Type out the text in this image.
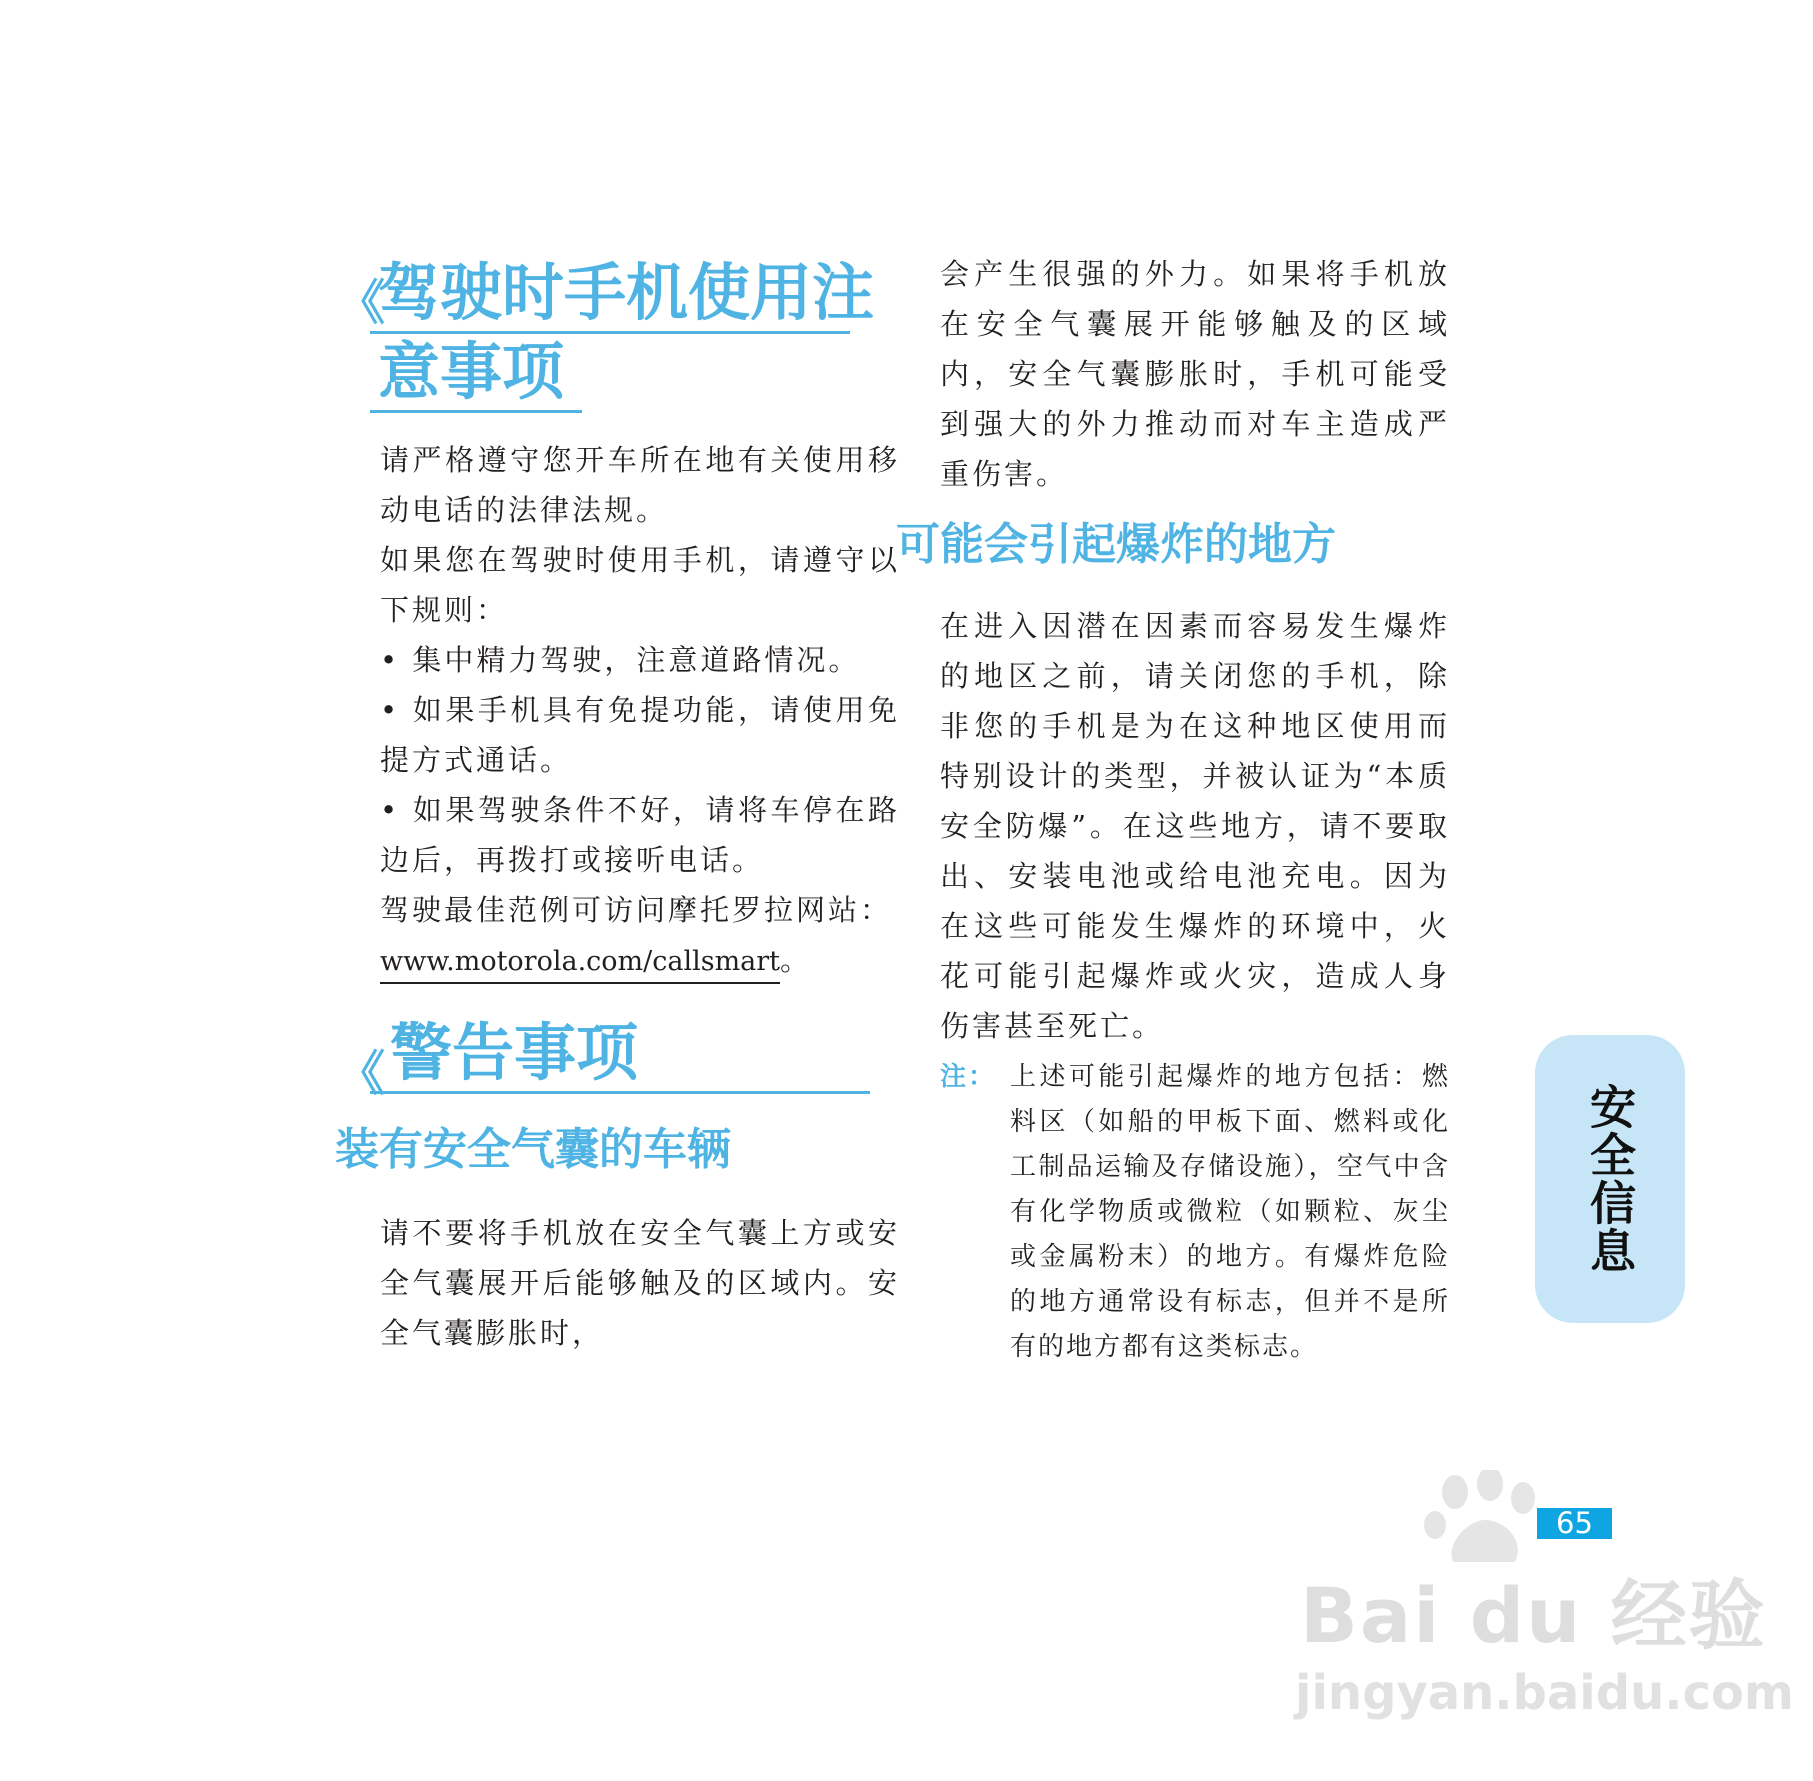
驾驶时手机使用注
《
意事项

请严格遵守您开车所在地有关使用移动电话的法律法规。

如果您在驾驶时使用手机，请遵守以下规则：

• 集中精力驾驶，注意道路情况。

• 如果手机具有免提功能，请使用免提方式通话。

• 如果驾驶条件不好，请将车停在路边后，再拨打或接听电话。

驾驶最佳范例可访问摩托罗拉网站：

www.motorola.com/callsmart。

警告事项
《
装有安全气囊的车辆

请不要将手机放在安全气囊上方或安全气囊展开后能够触及的区域内。安全气囊膨胀时，

会产生很强的外力。如果将手机放在安全气囊展开能够触及的区域内，安全气囊膨胀时，手机可能受到强大的外力推动而对车主造成严重伤害。

可能会引起爆炸的地方

在进入因潜在因素而容易发生爆炸的地区之前，请关闭您的手机，除非您的手机是为在这种地区使用而特别设计的类型，并被认证为“本质安全防爆”。在这些地方，请不要取出、安装电池或给电池充电。因为在这些可能发生爆炸的环境中，火花可能引起爆炸或火灾，造成人身伤害甚至死亡。

注： 上述可能引起爆炸的地方包括：燃料区（如船的甲板下面、燃料或化工制品运输及存储设施），空气中含有化学物质或微粒（如颗粒、灰尘或金属粉末）的地方。有爆炸危险的地方通常设有标志，但并不是所有的地方都有这类标志。
安全信息
65
Bai du 经验
jingyan.baidu.com
